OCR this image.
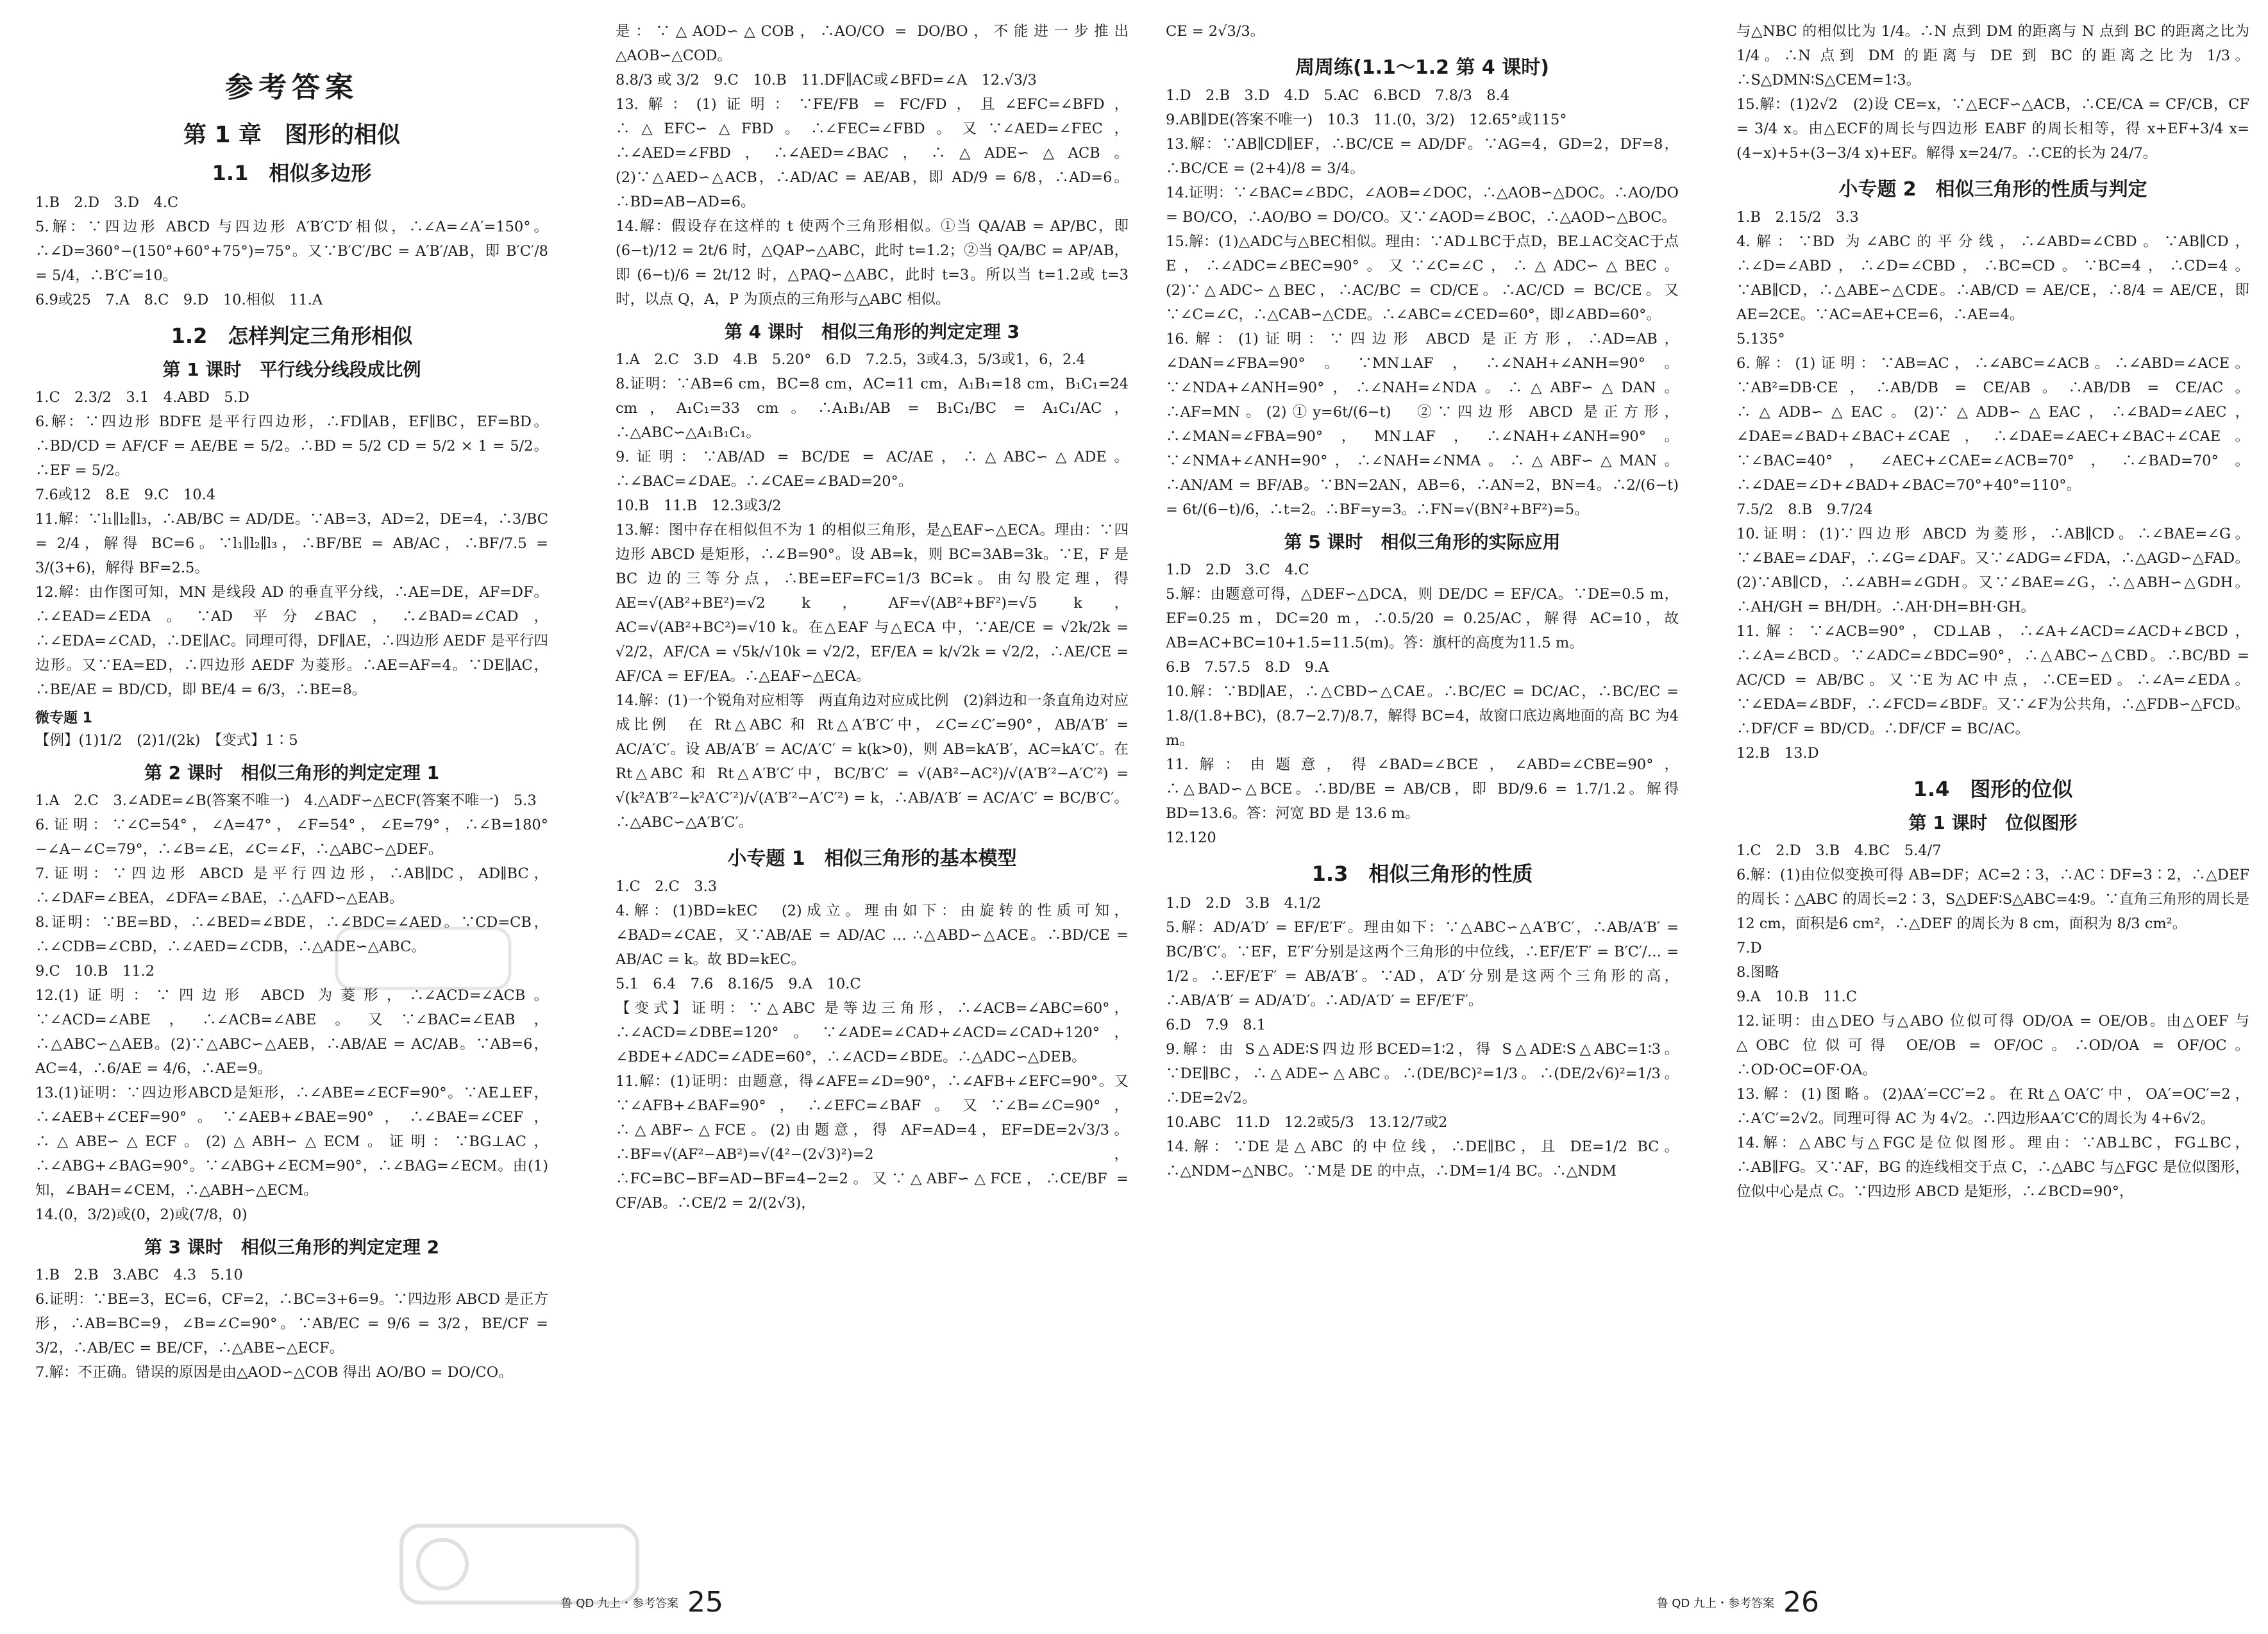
参考答案
第 1 章　图形的相似
1.1　相似多边形

1.B　2.D　3.D　4.C

5.解：∵四边形 ABCD 与四边形 A′B′C′D′相似，∴∠A=∠A′=150°。∴∠D=360°−(150°+60°+75°)=75°。又∵B′C′/BC = A′B′/AB，即 B′C′/8 = 5/4，∴B′C′=10。

6.9或25　7.A　8.C　9.D　10.相似　11.A

1.2　怎样判定三角形相似
第 1 课时　平行线分线段成比例

1.C　2.3/2　3.1　4.ABD　5.D

6.解：∵四边形 BDFE 是平行四边形，∴FD∥AB，EF∥BC，EF=BD。∴BD/CD = AF/CF = AE/BE = 5/2。∴BD = 5/2 CD = 5/2 × 1 = 5/2。∴EF = 5/2。

7.6或12　8.E　9.C　10.4

11.解：∵l₁∥l₂∥l₃，∴AB/BC = AD/DE。∵AB=3，AD=2，DE=4，∴3/BC = 2/4，解得 BC=6。∵l₁∥l₂∥l₃，∴BF/BE = AB/AC，∴BF/7.5 = 3/(3+6)，解得 BF=2.5。

12.解：由作图可知，MN 是线段 AD 的垂直平分线，∴AE=DE，AF=DF。∴∠EAD=∠EDA。∵AD 平分∠BAC，∴∠BAD=∠CAD，∴∠EDA=∠CAD，∴DE∥AC。同理可得，DF∥AE，∴四边形 AEDF 是平行四边形。又∵EA=ED，∴四边形 AEDF 为菱形。∴AE=AF=4。∵DE∥AC，∴BE/AE = BD/CD，即 BE/4 = 6/3，∴BE=8。

微专题 1

【例】(1)1/2　(2)1/(2k)　【变式】1∶5

第 2 课时　相似三角形的判定定理 1

1.A　2.C　3.∠ADE=∠B(答案不唯一)　4.△ADF∽△ECF(答案不唯一)　5.3

6.证明：∵∠C=54°，∠A=47°，∠F=54°，∠E=79°，∴∠B=180°−∠A−∠C=79°，∴∠B=∠E，∠C=∠F，∴△ABC∽△DEF。

7.证明：∵四边形 ABCD 是平行四边形，∴AB∥DC，AD∥BC，∴∠DAF=∠BEA，∠DFA=∠BAE，∴△AFD∽△EAB。

8.证明：∵BE=BD，∴∠BED=∠BDE，∴∠BDC=∠AED。∵CD=CB，∴∠CDB=∠CBD，∴∠AED=∠CDB，∴△ADE∽△ABC。

9.C　10.B　11.2

12.(1)证明：∵四边形 ABCD 为菱形，∴∠ACD=∠ACB。∵∠ACD=∠ABE，∴∠ACB=∠ABE。又∵∠BAC=∠EAB，∴△ABC∽△AEB。(2)∵△ABC∽△AEB，∴AB/AE = AC/AB。∵AB=6，AC=4，∴6/AE = 4/6，∴AE=9。

13.(1)证明：∵四边形ABCD是矩形，∴∠ABE=∠ECF=90°。∵AE⊥EF，∴∠AEB+∠CEF=90°。∵∠AEB+∠BAE=90°，∴∠BAE=∠CEF，∴△ABE∽△ECF。(2)△ABH∽△ECM。证明：∵BG⊥AC，∴∠ABG+∠BAG=90°。∵∠ABG+∠ECM=90°，∴∠BAG=∠ECM。由(1)知，∠BAH=∠CEM，∴△ABH∽△ECM。

14.(0，3/2)或(0，2)或(7/8，0)

第 3 课时　相似三角形的判定定理 2

1.B　2.B　3.ABC　4.3　5.10

6.证明：∵BE=3，EC=6，CF=2，∴BC=3+6=9。∵四边形 ABCD 是正方形，∴AB=BC=9，∠B=∠C=90°。∵AB/EC = 9/6 = 3/2，BE/CF = 3/2，∴AB/EC = BE/CF，∴△ABE∽△ECF。

7.解：不正确。错误的原因是由△AOD∽△COB 得出 AO/BO = DO/CO。

是：∵△AOD∽△COB，∴AO/CO = DO/BO，不能进一步推出△AOB∽△COD。

8.8/3 或 3/2　9.C　10.B　11.DF∥AC或∠BFD=∠A　12.√3/3

13.解：(1)证明：∵FE/FB = FC/FD，且∠EFC=∠BFD，∴△EFC∽△FBD。∴∠FEC=∠FBD。又∵∠AED=∠FEC，∴∠AED=∠FBD，∴∠AED=∠BAC，∴△ADE∽△ACB。(2)∵△AED∽△ACB，∴AD/AC = AE/AB，即 AD/9 = 6/8，∴AD=6。∴BD=AB−AD=6。

14.解：假设存在这样的 t 使两个三角形相似。①当 QA/AB = AP/BC，即 (6−t)/12 = 2t/6 时，△QAP∽△ABC，此时 t=1.2；②当 QA/BC = AP/AB，即 (6−t)/6 = 2t/12 时，△PAQ∽△ABC，此时 t=3。所以当 t=1.2或 t=3时，以点 Q，A，P 为顶点的三角形与△ABC 相似。

第 4 课时　相似三角形的判定定理 3

1.A　2.C　3.D　4.B　5.20°　6.D　7.2.5，3或4.3，5/3或1，6，2.4

8.证明：∵AB=6 cm，BC=8 cm，AC=11 cm，A₁B₁=18 cm，B₁C₁=24 cm，A₁C₁=33 cm。∴A₁B₁/AB = B₁C₁/BC = A₁C₁/AC，∴△ABC∽△A₁B₁C₁。

9.证明：∵AB/AD = BC/DE = AC/AE，∴△ABC∽△ADE。∴∠BAC=∠DAE。∴∠CAE=∠BAD=20°。

10.B　11.B　12.3或3/2

13.解：图中存在相似但不为 1 的相似三角形，是△EAF∽△ECA。理由：∵四边形 ABCD 是矩形，∴∠B=90°。设 AB=k，则 BC=3AB=3k。∵E，F 是 BC 边的三等分点，∴BE=EF=FC=1/3 BC=k。由勾股定理，得 AE=√(AB²+BE²)=√2 k，AF=√(AB²+BF²)=√5 k，AC=√(AB²+BC²)=√10 k。在△EAF 与△ECA 中，∵AE/CE = √2k/2k = √2/2，AF/CA = √5k/√10k = √2/2，EF/EA = k/√2k = √2/2，∴AE/CE = AF/CA = EF/EA。∴△EAF∽△ECA。

14.解：(1)一个锐角对应相等　两直角边对应成比例　(2)斜边和一条直角边对应成比例　在 Rt△ABC 和 Rt△A′B′C′中，∠C=∠C′=90°，AB/A′B′ = AC/A′C′。设 AB/A′B′ = AC/A′C′ = k(k>0)，则 AB=kA′B′，AC=kA′C′。在 Rt△ABC 和 Rt△A′B′C′中，BC/B′C′ = √(AB²−AC²)/√(A′B′²−A′C′²) = √(k²A′B′²−k²A′C′²)/√(A′B′²−A′C′²) = k，∴AB/A′B′ = AC/A′C′ = BC/B′C′。∴△ABC∽△A′B′C′。

小专题 1　相似三角形的基本模型

1.C　2.C　3.3

4.解：(1)BD=kEC　(2)成立。理由如下：由旋转的性质可知，∠BAD=∠CAE，又∵AB/AE = AD/AC … ∴△ABD∽△ACE。∴BD/CE = AB/AC = k。故 BD=kEC。

5.1　6.4　7.6　8.16/5　9.A　10.C

【变式】证明：∵△ABC 是等边三角形，∴∠ACB=∠ABC=60°，∴∠ACD=∠DBE=120°。∵∠ADE=∠CAD+∠ACD=∠CAD+120°，∠BDE+∠ADC=∠ADE=60°，∴∠ACD=∠BDE。∴△ADC∽△DEB。

11.解：(1)证明：由题意，得∠AFE=∠D=90°，∴∠AFB+∠EFC=90°。又∵∠AFB+∠BAF=90°，∴∠EFC=∠BAF。又∵∠B=∠C=90°，∴△ABF∽△FCE。(2)由题意，得 AF=AD=4，EF=DE=2√3/3。∴BF=√(AF²−AB²)=√(4²−(2√3)²)=2，∴FC=BC−BF=AD−BF=4−2=2。又∵△ABF∽△FCE，∴CE/BF = CF/AB。∴CE/2 = 2/(2√3)，

鲁 QD 九上・参考答案 25

CE = 2√3/3。

周周练(1.1～1.2 第 4 课时)

1.D　2.B　3.D　4.D　5.AC　6.BCD　7.8/3　8.4

9.AB∥DE(答案不唯一)　10.3　11.(0，3/2)　12.65°或115°

13.解：∵AB∥CD∥EF，∴BC/CE = AD/DF。∵AG=4，GD=2，DF=8，∴BC/CE = (2+4)/8 = 3/4。

14.证明：∵∠BAC=∠BDC，∠AOB=∠DOC，∴△AOB∽△DOC。∴AO/DO = BO/CO，∴AO/BO = DO/CO。又∵∠AOD=∠BOC，∴△AOD∽△BOC。

15.解：(1)△ADC与△BEC相似。理由：∵AD⊥BC于点D，BE⊥AC交AC于点E，∴∠ADC=∠BEC=90°。又∵∠C=∠C，∴△ADC∽△BEC。(2)∵△ADC∽△BEC，∴AC/BC = CD/CE。∴AC/CD = BC/CE。又∵∠C=∠C，∴△CAB∽△CDE。∴∠ABC=∠CED=60°，即∠ABD=60°。

16.解：(1)证明：∵四边形 ABCD 是正方形，∴AD=AB，∠DAN=∠FBA=90°。∵MN⊥AF，∴∠NAH+∠ANH=90°。∵∠NDA+∠ANH=90°，∴∠NAH=∠NDA。∴△ABF∽△DAN。∴AF=MN。(2)①y=6t/(6−t)　②∵四边形 ABCD 是正方形，∴∠MAN=∠FBA=90°，MN⊥AF，∴∠NAH+∠ANH=90°。∵∠NMA+∠ANH=90°，∴∠NAH=∠NMA。∴△ABF∽△MAN。∴AN/AM = BF/AB。∵BN=2AN，AB=6，∴AN=2，BN=4。∴2/(6−t) = 6t/(6−t)/6，∴t=2。∴BF=y=3。∴FN=√(BN²+BF²)=5。

第 5 课时　相似三角形的实际应用

1.D　2.D　3.C　4.C

5.解：由题意可得，△DEF∽△DCA，则 DE/DC = EF/CA。∵DE=0.5 m，EF=0.25 m，DC=20 m，∴0.5/20 = 0.25/AC，解得 AC=10，故 AB=AC+BC=10+1.5=11.5(m)。答：旗杆的高度为11.5 m。

6.B　7.57.5　8.D　9.A

10.解：∵BD∥AE，∴△CBD∽△CAE。∴BC/EC = DC/AC，∴BC/EC = 1.8/(1.8+BC)，(8.7−2.7)/8.7，解得 BC=4，故窗口底边离地面的高 BC 为4 m。

11.解：由题意，得∠BAD=∠BCE，∠ABD=∠CBE=90°，∴△BAD∽△BCE。∴BD/BE = AB/CB，即 BD/9.6 = 1.7/1.2。解得 BD=13.6。答：河宽 BD 是 13.6 m。

12.120

1.3　相似三角形的性质

1.D　2.D　3.B　4.1/2

5.解：AD/A′D′ = EF/E′F′。理由如下：∵△ABC∽△A′B′C′，∴AB/A′B′ = BC/B′C′。∵EF，E′F′分别是这两个三角形的中位线，∴EF/E′F′ = B′C′/… = 1/2。∴EF/E′F′ = AB/A′B′。∵AD，A′D′分别是这两个三角形的高，∴AB/A′B′ = AD/A′D′。∴AD/A′D′ = EF/E′F′。

6.D　7.9　8.1

9.解：由 S△ADE∶S四边形BCED=1∶2，得 S△ADE∶S△ABC=1∶3。∵DE∥BC，∴△ADE∽△ABC。∴(DE/BC)²=1/3。∴(DE/2√6)²=1/3。∴DE=2√2。

10.ABC　11.D　12.2或5/3　13.12/7或2

14.解：∵DE是△ABC 的中位线，∴DE∥BC，且 DE=1/2 BC。∴△NDM∽△NBC。∵M是 DE 的中点，∴DM=1/4 BC。∴△NDM

与△NBC 的相似比为 1/4。∴N 点到 DM 的距离与 N 点到 BC 的距离之比为 1/4。∴N 点到 DM 的距离与 DE 到 BC 的距离之比为 1/3。∴S△DMN∶S△CEM=1∶3。

15.解：(1)2√2　(2)设 CE=x，∵△ECF∽△ACB，∴CE/CA = CF/CB，CF = 3/4 x。由△ECF的周长与四边形 EABF 的周长相等，得 x+EF+3/4 x=(4−x)+5+(3−3/4 x)+EF。解得 x=24/7。∴CE的长为 24/7。

小专题 2　相似三角形的性质与判定

1.B　2.15/2　3.3

4.解：∵BD 为∠ABC的平分线，∴∠ABD=∠CBD。∵AB∥CD，∴∠D=∠ABD，∴∠D=∠CBD，∴BC=CD。∵BC=4，∴CD=4。∵AB∥CD，∴△ABE∽△CDE。∴AB/CD = AE/CE，∴8/4 = AE/CE，即 AE=2CE。∵AC=AE+CE=6，∴AE=4。

5.135°

6.解：(1)证明：∵AB=AC，∴∠ABC=∠ACB。∴∠ABD=∠ACE。∵AB²=DB·CE，∴AB/DB = CE/AB。∴AB/DB = CE/AC。∴△ADB∽△EAC。(2)∵△ADB∽△EAC，∴∠BAD=∠AEC，∠DAE=∠BAD+∠BAC+∠CAE，∴∠DAE=∠AEC+∠BAC+∠CAE。∵∠BAC=40°，∠AEC+∠CAE=∠ACB=70°，∴∠BAD=70°。∴∠DAE=∠D+∠BAD+∠BAC=70°+40°=110°。

7.5/2　8.B　9.7/24

10.证明：(1)∵四边形 ABCD 为菱形，∴AB∥CD。∴∠BAE=∠G。∵∠BAE=∠DAF，∴∠G=∠DAF。又∵∠ADG=∠FDA，∴△AGD∽△FAD。(2)∵AB∥CD，∴∠ABH=∠GDH。又∵∠BAE=∠G，∴△ABH∽△GDH。∴AH/GH = BH/DH。∴AH·DH=BH·GH。

11.解：∵∠ACB=90°，CD⊥AB，∴∠A+∠ACD=∠ACD+∠BCD，∴∠A=∠BCD。∵∠ADC=∠BDC=90°，∴△ABC∽△CBD。∴BC/BD = AC/CD = AB/BC。又∵E为AC中点，∴CE=ED。∴∠A=∠EDA。∵∠EDA=∠BDF，∴∠FCD=∠BDF。又∵∠F为公共角，∴△FDB∽△FCD。∴DF/CF = BD/CD。∴DF/CF = BC/AC。

12.B　13.D

1.4　图形的位似
第 1 课时　位似图形

1.C　2.D　3.B　4.BC　5.4/7

6.解：(1)由位似变换可得 AB=DF；AC=2∶3，∴AC∶DF=3∶2，∴△DEF 的周长∶△ABC 的周长=2∶3，S△DEF∶S△ABC=4∶9。∵直角三角形的周长是12 cm，面积是6 cm²，∴△DEF 的周长为 8 cm，面积为 8/3 cm²。

7.D

8.图略

9.A　10.B　11.C

12.证明：由△DEO 与△ABO 位似可得 OD/OA = OE/OB。由△OEF 与△OBC 位似可得 OE/OB = OF/OC。∴OD/OA = OF/OC。∴OD·OC=OF·OA。

13.解：(1)图略。(2)AA′=CC′=2。在Rt△OA′C′中，OA′=OC′=2，∴A′C′=2√2。同理可得 AC 为 4√2。∴四边形AA′C′C的周长为 4+6√2。

14.解：△ABC与△FGC是位似图形。理由：∵AB⊥BC，FG⊥BC，∴AB∥FG。又∵AF，BG 的连线相交于点 C，∴△ABC 与△FGC 是位似图形，位似中心是点 C。∵四边形 ABCD 是矩形，∴∠BCD=90°，

鲁 QD 九上・参考答案 26
